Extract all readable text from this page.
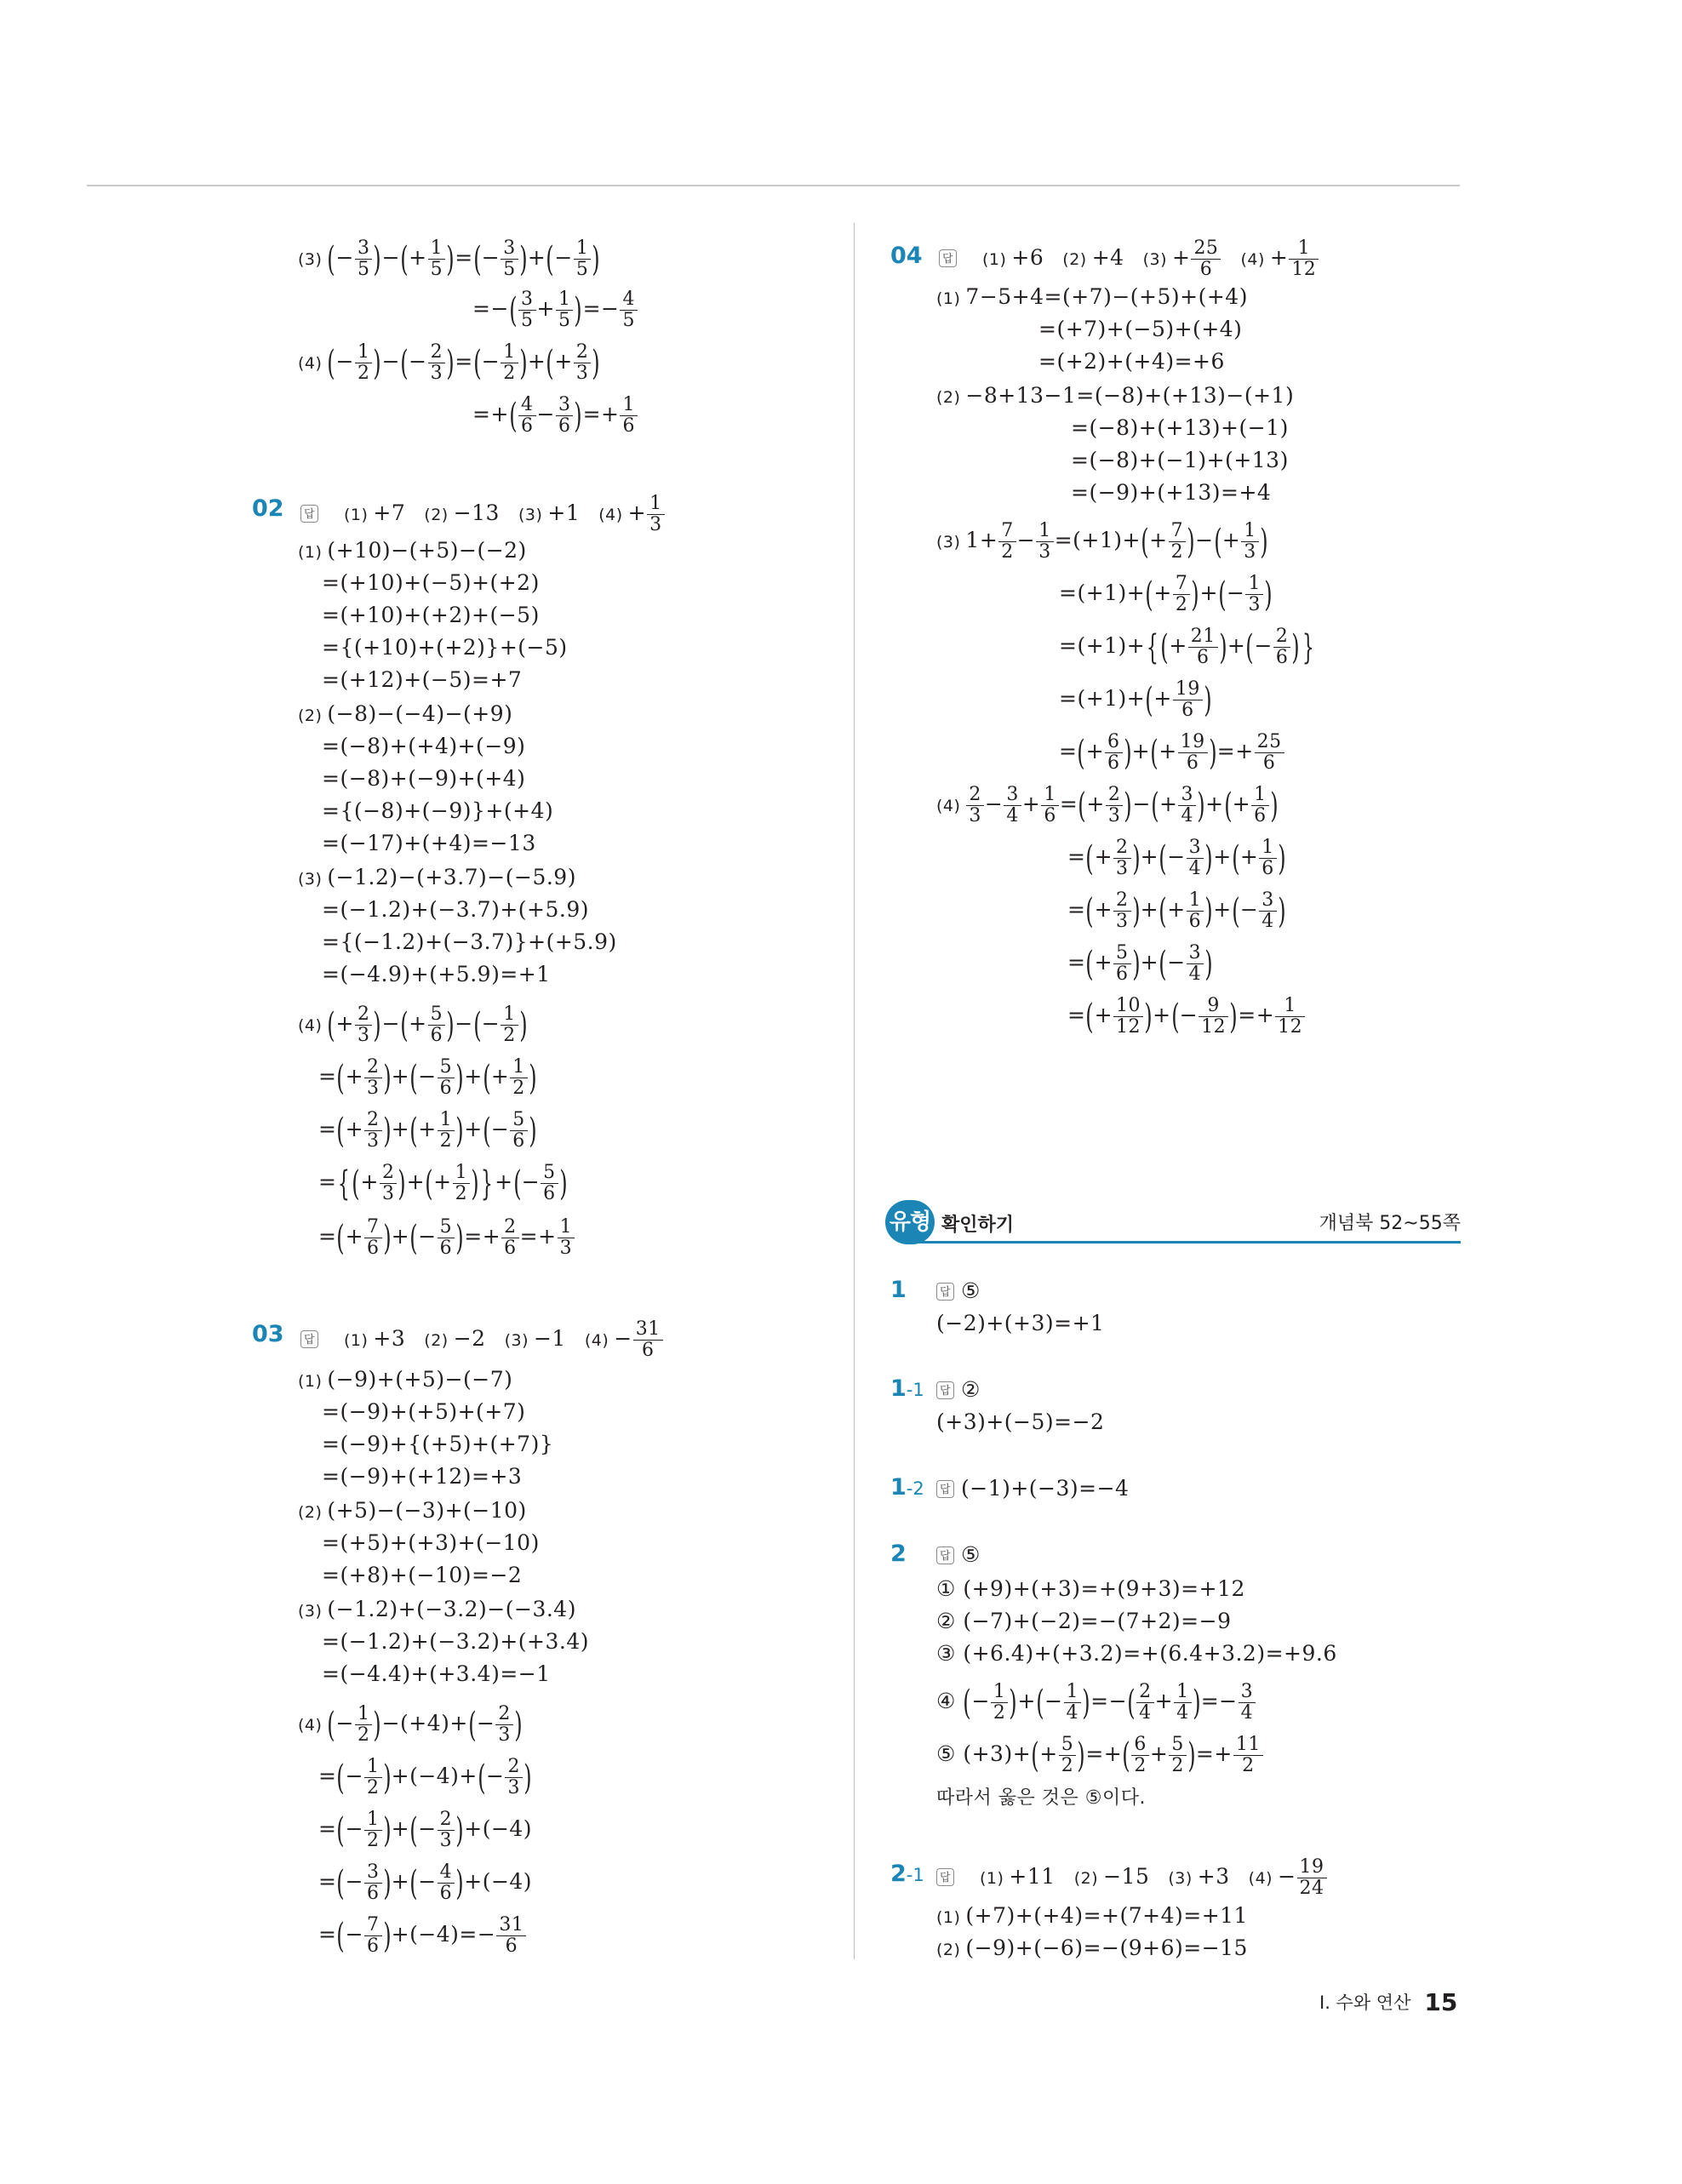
(3) (− $\frac{3}{5}$ )−(+ $\frac{1}{5}$ )=(− $\frac{3}{5}$ )+(− $\frac{1}{5}$ )
=−( $\frac{3}{5} + \frac{1}{5}$ )=− $\frac{4}{5}$
(4) (− $\frac{1}{2}$ )−(− $\frac{2}{3}$ )=(− $\frac{1}{2}$ )+(+ $\frac{2}{3}$ )
=+( $\frac{4}{6} - \frac{3}{6}$ )=+ $\frac{1}{6}$
02	답 (1) +7 (2) −13 (3) +1 $(4) + \frac{1}{3}$
(1) (+10)−(+5)−(−2)
=(+10)+(−5)+(+2)
=(+10)+(+2)+(−5)
={(+10)+(+2)}+(−5)
=(+12)+(−5)=+7
(2) (−8)−(−4)−(+9)
=(−8)+(+4)+(−9)
=(−8)+(−9)+(+4)
={(−8)+(−9)}+(+4)
=(−17)+(+4)=−13
(3) (−1.2)−(+3.7)−(−5.9)
=(−1.2)+(−3.7)+(+5.9)
={(−1.2)+(−3.7)}+(+5.9)
=(−4.9)+(+5.9)=+1
(4) (+ $\frac{2}{3}$ )−(+ $\frac{5}{6}$ )−(− $\frac{1}{2}$ )
=(+ $\frac{2}{3}$ )+(− $\frac{5}{6}$ )+(+ $\frac{1}{2}$ )
=(+ $\frac{2}{3}$ )+(+ $\frac{1}{2}$ )+(− $\frac{5}{6}$ )
={(+ $\frac{2}{3}$ )+(+ $\frac{1}{2}$ )}+(− $\frac{5}{6}$ )
=(+ $\frac{7}{6}$ )+(− $\frac{5}{6}$ )=+ $\frac{2}{6} =+ \frac{1}{3}$
03	답 (1) +3 (2) −2 (3) −1 $(4) - \frac{31}{6}$
(1) (−9)+(+5)−(−7)
=(−9)+(+5)+(+7)
=(−9)+{(+5)+(+7)}
=(−9)+(+12)=+3
(2) (+5)−(−3)+(−10)
=(+5)+(+3)+(−10)
=(+8)+(−10)=−2
(3) (−1.2)+(−3.2)−(−3.4)
=(−1.2)+(−3.2)+(+3.4)
=(−4.4)+(+3.4)=−1
(4) (− $\frac{1}{2} )-(+4)+(- \frac{2}{3}$ )
=(− $\frac{1}{2} )+(-4)+(- \frac{2}{3}$ )
=(− $\frac{1}{2}$ )+(− $\frac{2}{3} )+(-4)$
=(− $\frac{3}{6}$ )+(− $\frac{4}{6} )+(-4)$
=(− $\frac{7}{6} )+(-4)=- \frac{31}{6}$
04	답 (1) +6 (2) +4 $(3) + \frac{25}{6} (4) + \frac{1}{12}$
(1) 7−5+4=(+7)−(+5)+(+4)
=(+7)+(−5)+(+4)
=(+2)+(+4)=+6
(2) −8+13−1=(−8)+(+13)−(+1)
=(−8)+(+13)+(−1)
=(−8)+(−1)+(+13)
=(−9)+(+13)=+4
(3) $1+ \frac{7}{2} - \frac{1}{3} =(+1)+(+ \frac{7}{2}$ )−(+ $\frac{1}{3}$ )
$=(+1)+(+ \frac{7}{2}$ )+(− $\frac{1}{3}$ )
$=(+1)+\{(+ \frac{21}{6}$ )+(− $\frac{2}{6}$ )}
$=(+1)+(+ \frac{19}{6}$ )
=(+ $\frac{6}{6}$ )+(+ $\frac{19}{6}$ )=+ $\frac{25}{6}$
$(4) \frac{2}{3} - \frac{3}{4} + \frac{1}{6}$ =(+ $\frac{2}{3}$ )−(+ $\frac{3}{4}$ )+(+ $\frac{1}{6}$ )
=(+ $\frac{2}{3}$ )+(− $\frac{3}{4}$ )+(+ $\frac{1}{6}$ )
=(+ $\frac{2}{3}$ )+(+ $\frac{1}{6}$ )+(− $\frac{3}{4}$ )
=(+ $\frac{5}{6}$ )+(− $\frac{3}{4}$ )
=(+ $\frac{10}{12}$ )+(− $\frac{9}{12}$ )=+ $\frac{1}{12}$
유형 확인하기	개념북 52~55쪽
1	답 ⑤
(−2)+(+3)=+1
1-1	답 ②
(+3)+(−5)=−2
1-2	답 (−1)+(−3)=−4
2	답 ⑤
① (+9)+(+3)=+(9+3)=+12
② (−7)+(−2)=−(7+2)=−9
③ (+6.4)+(+3.2)=+(6.4+3.2)=+9.6
④ (− $\frac{1}{2}$ )+(− $\frac{1}{4}$ )=−( $\frac{2}{4} + \frac{1}{4}$ )=− $\frac{3}{4}$
⑤ $(+3)+(+ \frac{5}{2}$ )=+( $\frac{6}{2} + \frac{5}{2}$ )=+ $\frac{11}{2}$
따라서 옳은 것은 ⑤이다.
2-1	답 (1) +11 (2) −15 (3) +3 $(4) - \frac{19}{24}$
(1) (+7)+(+4)=+(7+4)=+11
(2) (−9)+(−6)=−(9+6)=−15
I. 수와 연산 15
